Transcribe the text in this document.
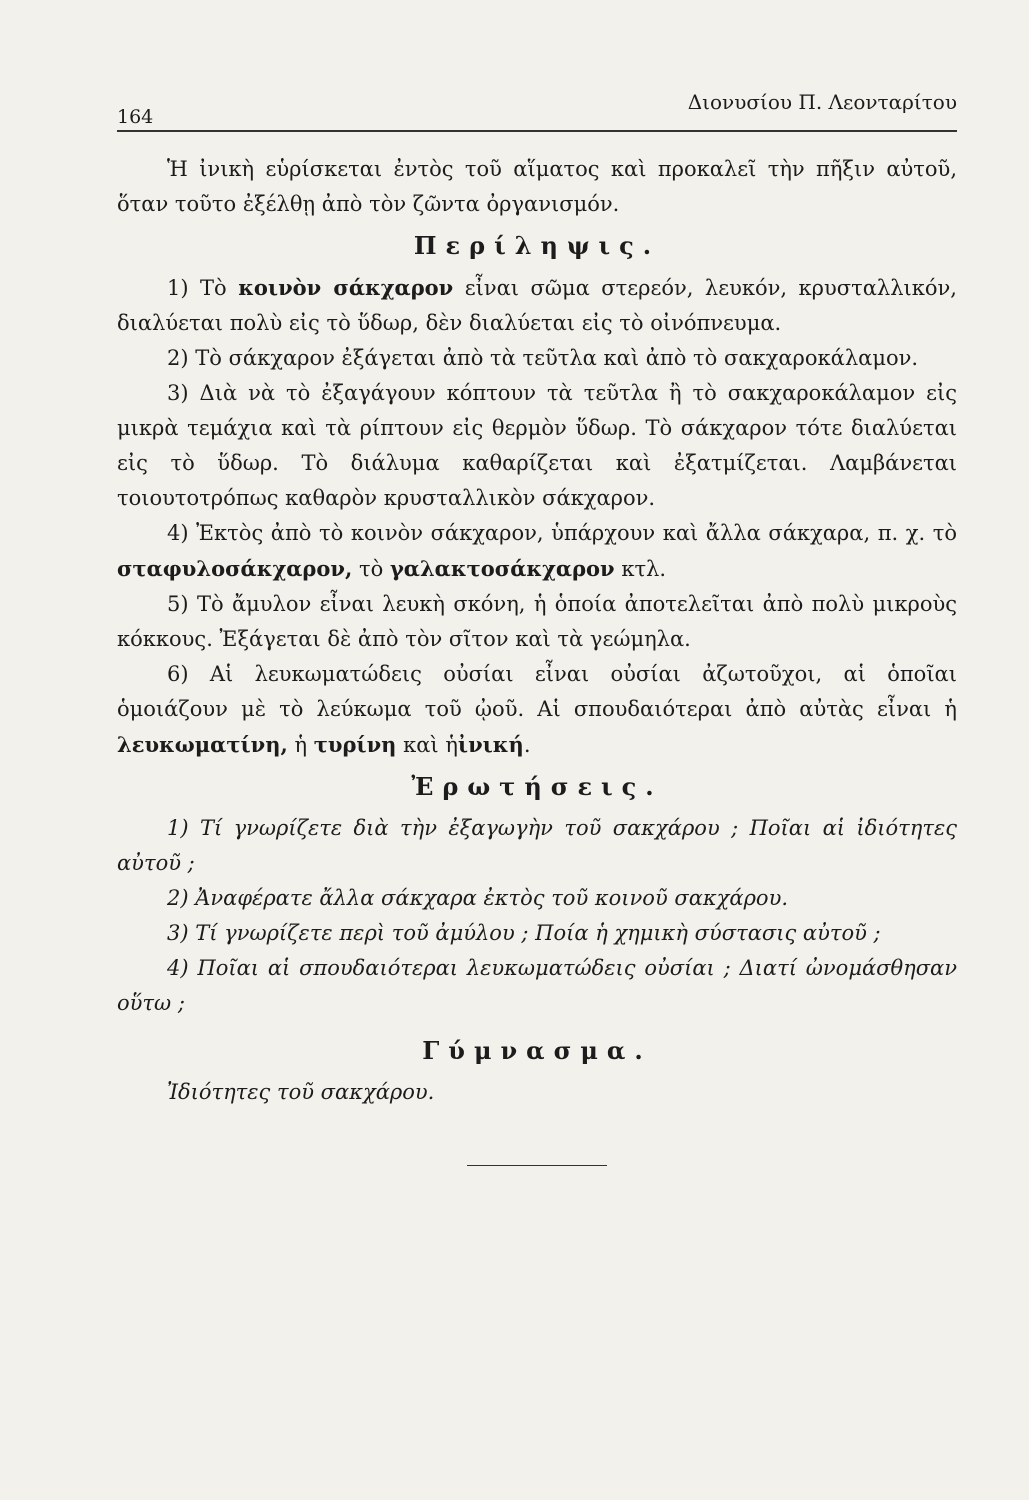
164
Διονυσίου Π. Λεονταρίτου

Ἡ ἰνικὴ εὑρίσκεται ἐντὸς τοῦ αἵματος καὶ προκαλεῖ τὴν πῆξιν αὐτοῦ, ὅταν τοῦτο ἐξέλθῃ ἀπὸ τὸν ζῶντα ὀργανισμόν.

Περίληψις.

1) Τὸ κοινὸν σάκχαρον εἶναι σῶμα στερεόν, λευκόν, κρυσταλλικόν, διαλύεται πολὺ εἰς τὸ ὕδωρ, δὲν διαλύεται εἰς τὸ οἰνόπνευμα.

2) Τὸ σάκχαρον ἐξάγεται ἀπὸ τὰ τεῦτλα καὶ ἀπὸ τὸ σακχαροκάλαμον.

3) Διὰ νὰ τὸ ἐξαγάγουν κόπτουν τὰ τεῦτλα ἢ τὸ σακχαροκάλαμον εἰς μικρὰ τεμάχια καὶ τὰ ρίπτουν εἰς θερμὸν ὕδωρ. Τὸ σάκχαρον τότε διαλύεται εἰς τὸ ὕδωρ. Τὸ διάλυμα καθαρίζεται καὶ ἐξατμίζεται. Λαμβάνεται τοιουτοτρόπως καθαρὸν κρυσταλλικὸν σάκχαρον.

4) Ἐκτὸς ἀπὸ τὸ κοινὸν σάκχαρον, ὑπάρχουν καὶ ἄλλα σάκχαρα, π. χ. τὸ σταφυλοσάκχαρον, τὸ γαλακτοσάκχαρον κτλ.

5) Τὸ ἄμυλον εἶναι λευκὴ σκόνη, ἡ ὁποία ἀποτελεῖται ἀπὸ πολὺ μικροὺς κόκκους. Ἐξάγεται δὲ ἀπὸ τὸν σῖτον καὶ τὰ γεώμηλα.

6) Αἱ λευκωματώδεις οὐσίαι εἶναι οὐσίαι ἀζωτοῦχοι, αἱ ὁποῖαι ὁμοιάζουν μὲ τὸ λεύκωμα τοῦ ᾠοῦ. Αἱ σπουδαιότεραι ἀπὸ αὐτὰς εἶναι ἡ λευκωματίνη, ἡ τυρίνη καὶ ἡἰνική.

Ἐρωτήσεις.

1) Τί γνωρίζετε διὰ τὴν ἐξαγωγὴν τοῦ σακχάρου ; Ποῖαι αἱ ἰδιότητες αὐτοῦ ;

2) Ἀναφέρατε ἄλλα σάκχαρα ἐκτὸς τοῦ κοινοῦ σακχάρου.

3) Τί γνωρίζετε περὶ τοῦ ἀμύλου ; Ποία ἡ χημικὴ σύστασις αὐτοῦ ;

4) Ποῖαι αἱ σπουδαιότεραι λευκωματώδεις οὐσίαι ; Διατί ὠνομάσθησαν οὕτω ;

Γύμνασμα.

Ἰδιότητες τοῦ σακχάρου.
